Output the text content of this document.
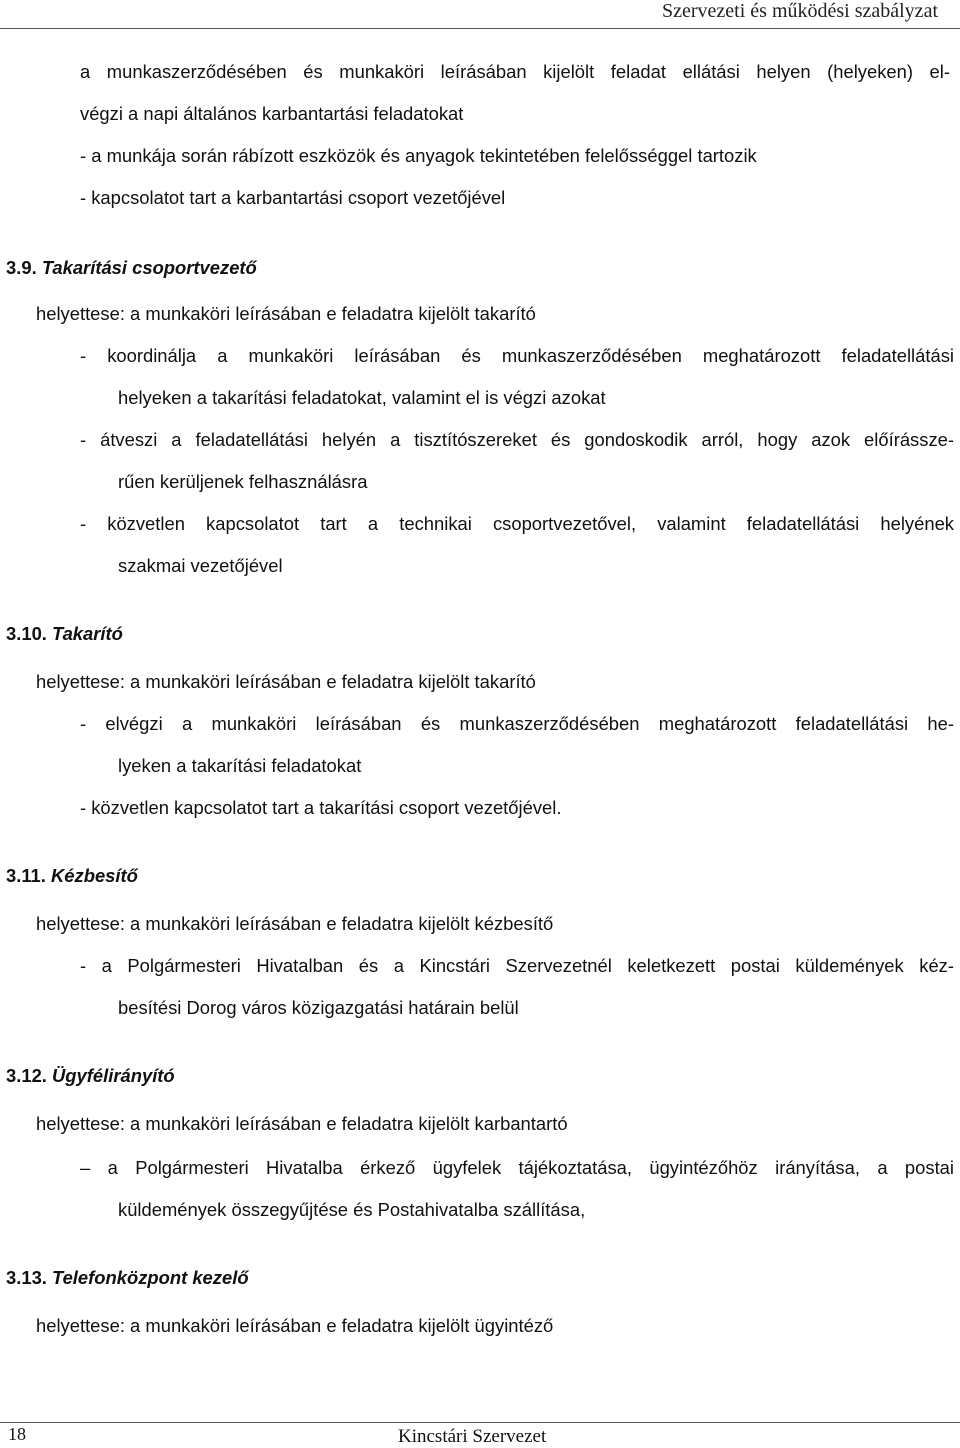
Szervezeti és működési szabályzat
a munkaszerződésében és munkaköri leírásában kijelölt feladat ellátási helyen (helyeken) el-
végzi a napi általános karbantartási feladatokat
- a munkája során rábízott eszközök és anyagok tekintetében felelősséggel tartozik
- kapcsolatot tart a karbantartási csoport vezetőjével
3.9. Takarítási csoportvezető
helyettese: a munkaköri leírásában e feladatra kijelölt takarító
- koordinálja a munkaköri leírásában és munkaszerződésében meghatározott feladatellátási
helyeken a takarítási feladatokat, valamint el is végzi azokat
- átveszi a feladatellátási helyén a tisztítószereket és gondoskodik arról, hogy azok előírássze-
rűen kerüljenek felhasználásra
- közvetlen kapcsolatot tart a technikai csoportvezetővel, valamint feladatellátási helyének
szakmai vezetőjével
3.10. Takarító
helyettese: a munkaköri leírásában e feladatra kijelölt takarító
- elvégzi a munkaköri leírásában és munkaszerződésében meghatározott feladatellátási he-
lyeken a takarítási feladatokat
- közvetlen kapcsolatot tart a takarítási csoport vezetőjével.
3.11. Kézbesítő
helyettese: a munkaköri leírásában e feladatra kijelölt kézbesítő
- a Polgármesteri Hivatalban és a Kincstári Szervezetnél keletkezett postai küldemények kéz-
besítési Dorog város közigazgatási határain belül
3.12. Ügyfélirányító
helyettese: a munkaköri leírásában e feladatra kijelölt karbantartó
– a Polgármesteri Hivatalba érkező ügyfelek tájékoztatása, ügyintézőhöz irányítása, a postai
küldemények összegyűjtése és Postahivatalba szállítása,
3.13. Telefonközpont kezelő
helyettese: a munkaköri leírásában e feladatra kijelölt ügyintéző
18	Kincstári Szervezet
